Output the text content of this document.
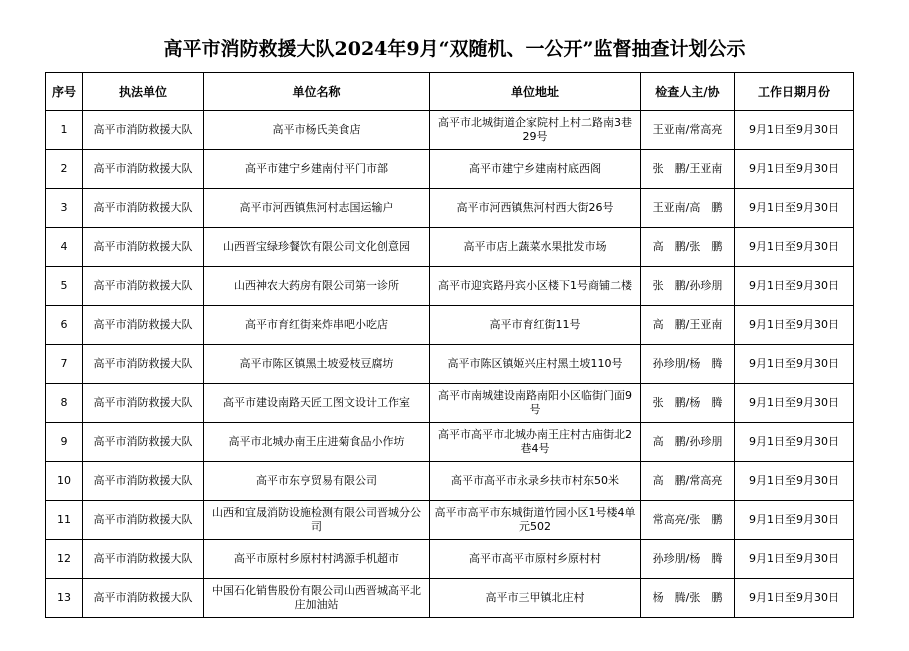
高平市消防救援大队2024年9月“双随机、一公开”监督抽查计划公示
序号	执法单位	单位名称	单位地址	检查人主/协	工作日期月份
1	高平市消防救援大队	高平市杨氏美食店	高平市北城街道企家院村上村二路南3巷29号	王亚南/常高亮	9月1日至9月30日
2	高平市消防救援大队	高平市建宁乡建南付平门市部	高平市建宁乡建南村底西阁	张　鹏/王亚南	9月1日至9月30日
3	高平市消防救援大队	高平市河西镇焦河村志国运输户	高平市河西镇焦河村西大街26号	王亚南/高　鹏	9月1日至9月30日
4	高平市消防救援大队	山西晋宝绿珍餐饮有限公司文化创意园	高平市店上蔬菜水果批发市场	高　鹏/张　鹏	9月1日至9月30日
5	高平市消防救援大队	山西神农大药房有限公司第一诊所	高平市迎宾路丹宾小区楼下1号商铺二楼	张　鹏/孙珍朋	9月1日至9月30日
6	高平市消防救援大队	高平市育红街来炸串吧小吃店	高平市育红街11号	高　鹏/王亚南	9月1日至9月30日
7	高平市消防救援大队	高平市陈区镇黑土坡爱枝豆腐坊	高平市陈区镇姬兴庄村黑土坡110号	孙珍朋/杨　腾	9月1日至9月30日
8	高平市消防救援大队	高平市建设南路天匠工图文设计工作室	高平市南城建设南路南阳小区临街门面9号	张　鹏/杨　腾	9月1日至9月30日
9	高平市消防救援大队	高平市北城办南王庄进菊食品小作坊	高平市高平市北城办南王庄村古庙街北2巷4号	高　鹏/孙珍朋	9月1日至9月30日
10	高平市消防救援大队	高平市东亨贸易有限公司	高平市高平市永录乡扶市村东50米	高　鹏/常高亮	9月1日至9月30日
11	高平市消防救援大队	山西和宜晟消防设施检测有限公司晋城分公司	高平市高平市东城街道竹园小区1号楼4单元502	常高亮/张　鹏	9月1日至9月30日
12	高平市消防救援大队	高平市原村乡原村村鸿源手机超市	高平市高平市原村乡原村村	孙珍朋/杨　腾	9月1日至9月30日
13	高平市消防救援大队	中国石化销售股份有限公司山西晋城高平北庄加油站	高平市三甲镇北庄村	杨　腾/张　鹏	9月1日至9月30日
